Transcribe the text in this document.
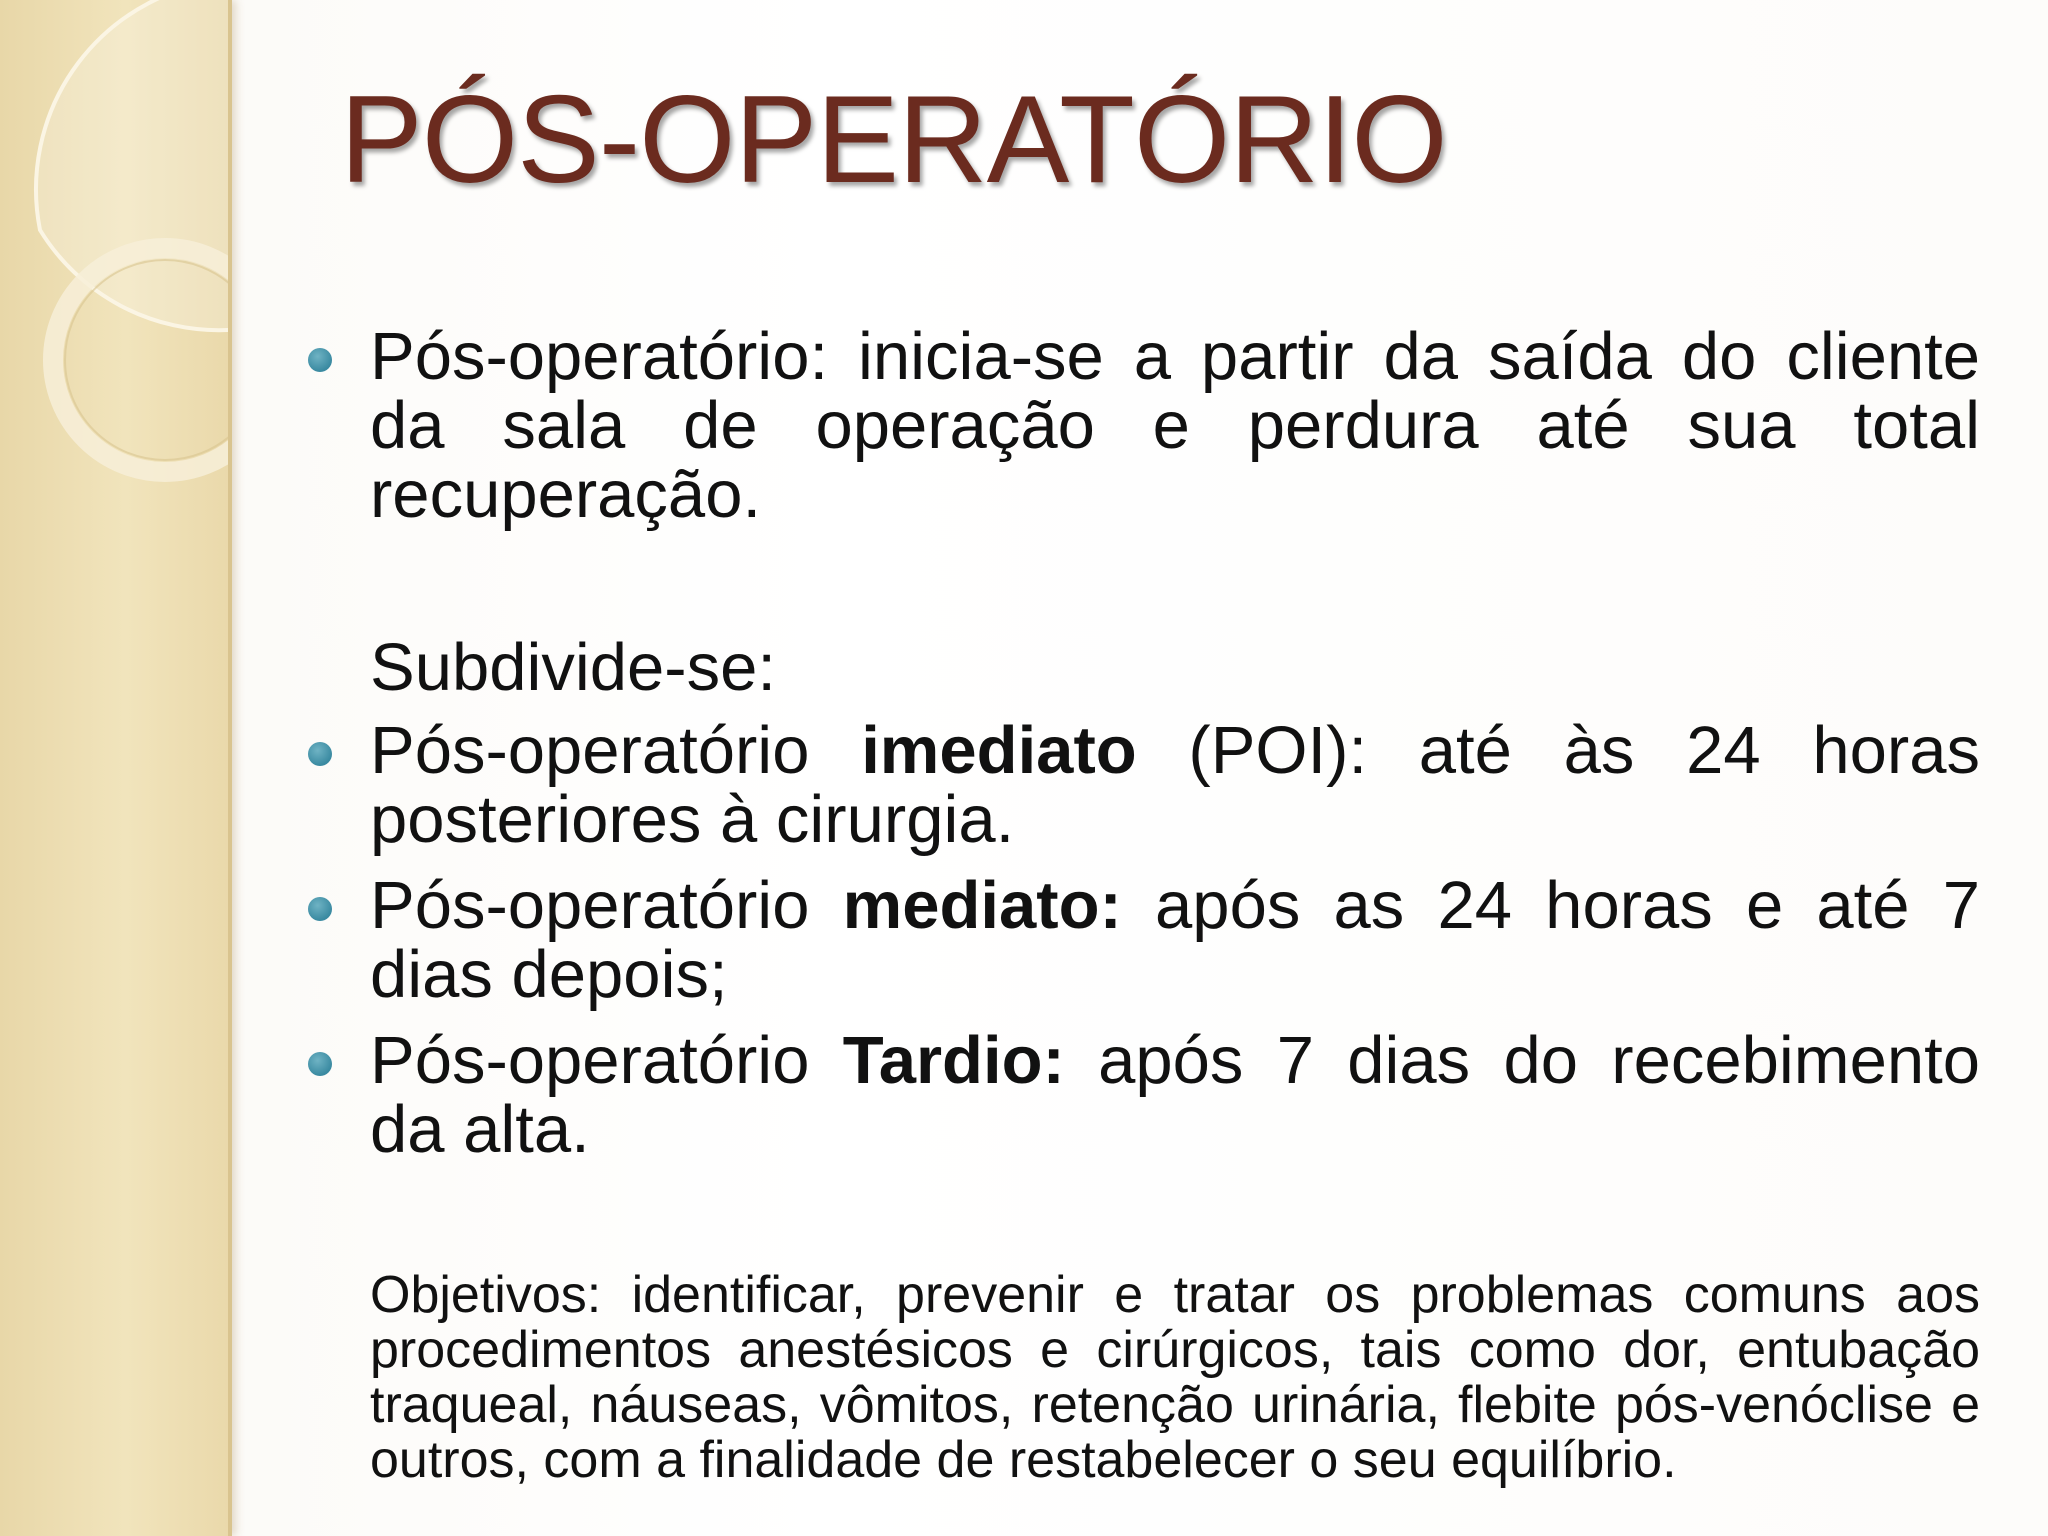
PÓS-OPERATÓRIO
Pós-operatório: inicia-se a partir da saída do cliente da sala de operação e perdura até sua total recuperação.
Subdivide-se:
Pós-operatório imediato (POI): até às 24 horas posteriores à cirurgia.
Pós-operatório mediato: após as 24 horas e até 7 dias depois;
Pós-operatório Tardio: após 7 dias do recebimento da alta.
Objetivos: identificar, prevenir e tratar os problemas comuns aos procedimentos anestésicos e cirúrgicos, tais como dor, entubação traqueal, náuseas, vômitos, retenção urinária, flebite pós-venóclise e outros, com a finalidade de restabelecer o seu equilíbrio.
